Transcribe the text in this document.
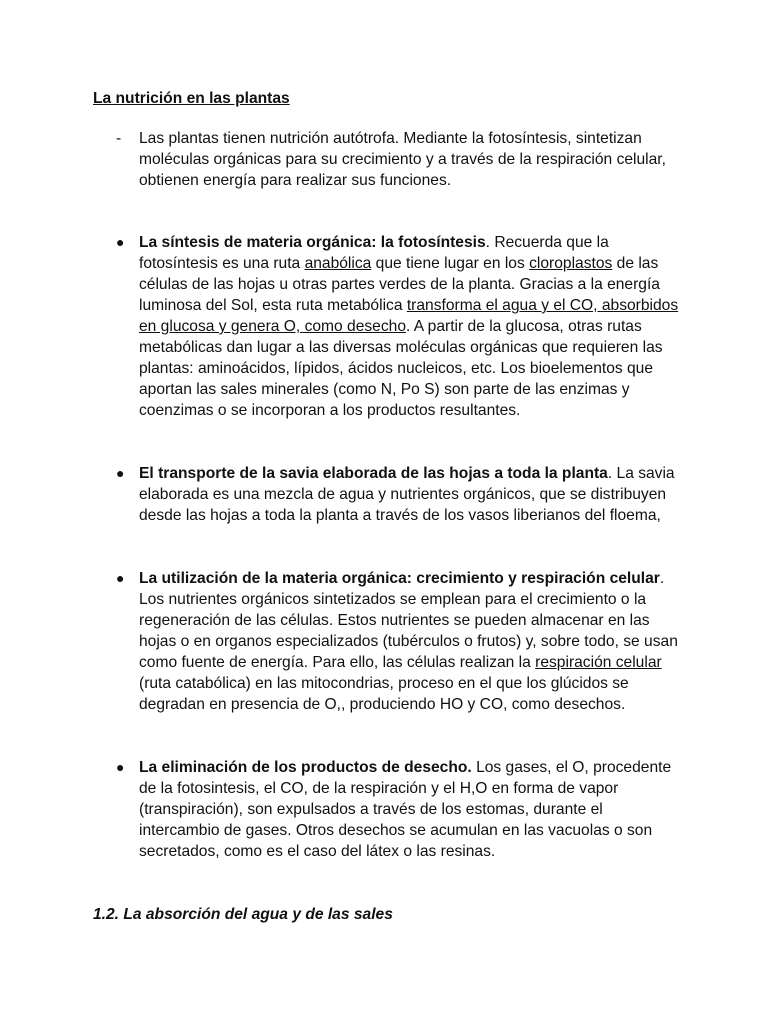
La nutrición en las plantas
- Las plantas tienen nutrición autótrofa. Mediante la fotosíntesis, sintetizan moléculas orgánicas para su crecimiento y a través de la respiración celular, obtienen energía para realizar sus funciones.
● La síntesis de materia orgánica: la fotosíntesis. Recuerda que la fotosíntesis es una ruta anabólica que tiene lugar en los cloroplastos de las células de las hojas u otras partes verdes de la planta. Gracias a la energía luminosa del Sol, esta ruta metabólica transforma el agua y el CO, absorbidos en glucosa y genera O, como desecho. A partir de la glucosa, otras rutas metabólicas dan lugar a las diversas moléculas orgánicas que requieren las plantas: aminoácidos, lípidos, ácidos nucleicos, etc. Los bioelementos que aportan las sales minerales (como N, Po S) son parte de las enzimas y coenzimas o se incorporan a los productos resultantes.
● El transporte de la savia elaborada de las hojas a toda la planta. La savia elaborada es una mezcla de agua y nutrientes orgánicos, que se distribuyen desde las hojas a toda la planta a través de los vasos liberianos del floema,
● La utilización de la materia orgánica: crecimiento y respiración celular. Los nutrientes orgánicos sintetizados se emplean para el crecimiento o la regeneración de las células. Estos nutrientes se pueden almacenar en las hojas o en organos especializados (tubérculos o frutos) y, sobre todo, se usan como fuente de energía. Para ello, las células realizan la respiración celular (ruta catabólica) en las mitocondrias, proceso en el que los glúcidos se degradan en presencia de O,, produciendo HO y CO, como desechos.
● La eliminación de los productos de desecho. Los gases, el O, procedente de la fotosintesis, el CO, de la respiración y el H,O en forma de vapor (transpiración), son expulsados a través de los estomas, durante el intercambio de gases. Otros desechos se acumulan en las vacuolas o son secretados, como es el caso del látex o las resinas.
1.2. La absorción del agua y de las sales
